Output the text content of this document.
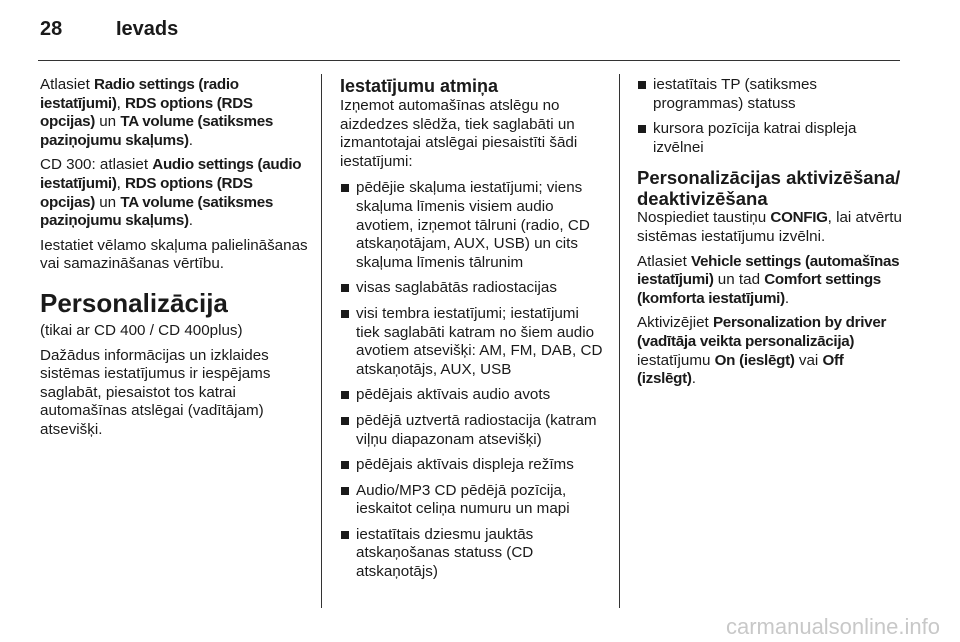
28	Ievads

Atlasiet Radio settings (radio iestatījumi), RDS options (RDS opcijas) un TA volume (satiksmes paziņojumu skaļums).

CD 300: atlasiet Audio settings (audio iestatījumi), RDS options (RDS opcijas) un TA volume (satiksmes paziņojumu skaļums).

Iestatiet vēlamo skaļuma palielināšanas vai samazināšanas vērtību.

Personalizācija

(tikai ar CD 400 / CD 400plus)

Dažādus informācijas un izklaides sistēmas iestatījumus ir iespējams saglabāt, piesaistot tos katrai automašīnas atslēgai (vadītājam) atsevišķi.

Iestatījumu atmiņa

Izņemot automašīnas atslēgu no aizdedzes slēdža, tiek saglabāti un izmantotajai atslēgai piesaistīti šādi iestatījumi:

pēdējie skaļuma iestatījumi; viens skaļuma līmenis visiem audio avotiem, izņemot tālruni (radio, CD atskaņotājam, AUX, USB) un cits skaļuma līmenis tālrunim
visas saglabātās radiostacijas
visi tembra iestatījumi; iestatījumi tiek saglabāti katram no šiem audio avotiem atsevišķi: AM, FM, DAB, CD atskaņotājs, AUX, USB
pēdējais aktīvais audio avots
pēdējā uztvertā radiostacija (katram viļņu diapazonam atsevišķi)
pēdējais aktīvais displeja režīms
Audio/MP3 CD pēdējā pozīcija, ieskaitot celiņa numuru un mapi
iestatītais dziesmu jauktās atskaņošanas statuss (CD atskaņotājs)
iestatītais TP (satiksmes programmas) statuss
kursora pozīcija katrai displeja izvēlnei
Personalizācijas aktivizēšana/ deaktivizēšana

Nospiediet taustiņu CONFIG, lai atvērtu sistēmas iestatījumu izvēlni.

Atlasiet Vehicle settings (automašīnas iestatījumi) un tad Comfort settings (komforta iestatījumi).

Aktivizējiet Personalization by driver (vadītāja veikta personalizācija) iestatījumu On (ieslēgt) vai Off (izslēgt).

carmanualsonline.info
